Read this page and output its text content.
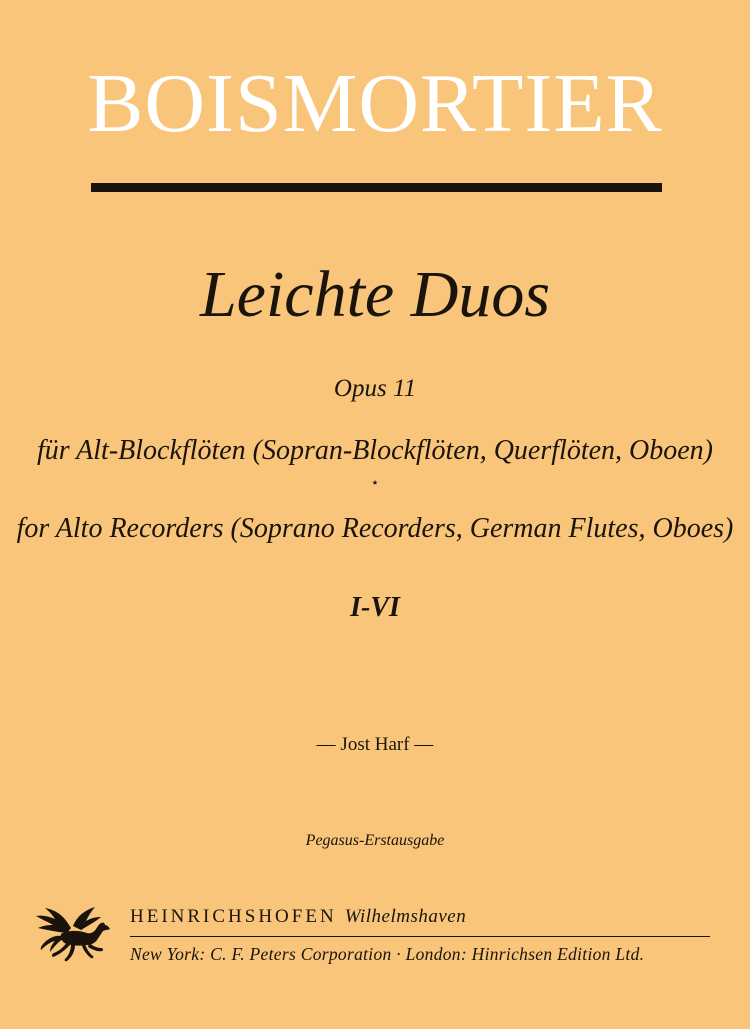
BOISMORTIER
Leichte Duos
Opus 11
für Alt-Blockflöten (Sopran-Blockflöten, Querflöten, Oboen)
⋆
for Alto Recorders (Soprano Recorders, German Flutes, Oboes)
I-VI
— Jost Harf —
Pegasus-Erstausgabe
HEINRICHSHOFEN Wilhelmshaven
New York: C. F. Peters Corporation · London: Hinrichsen Edition Ltd.
